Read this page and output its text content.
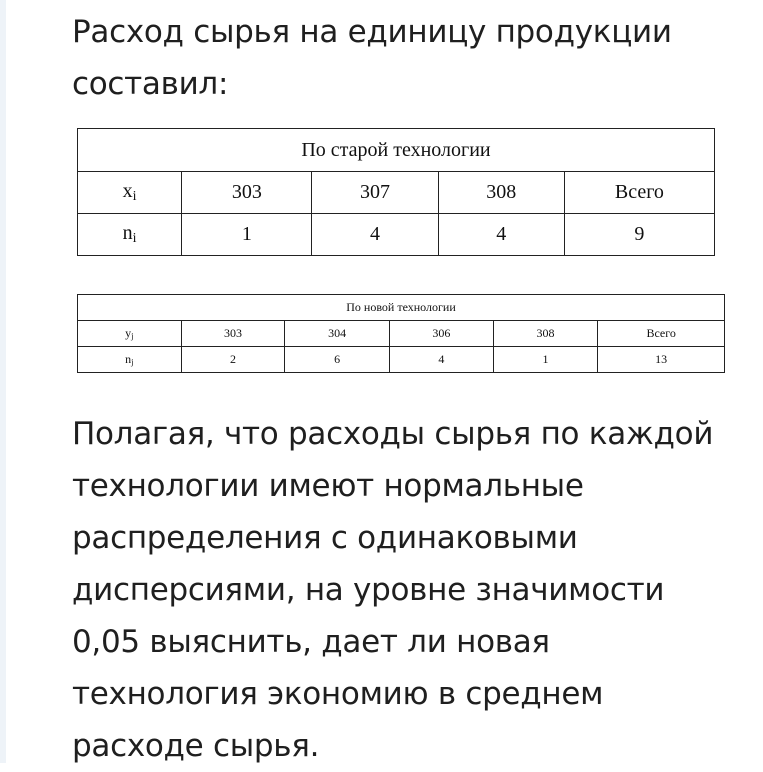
Расход сырья на единицу продукции
составил:

По старой технологии				
xi	303	307	308	Всего
ni	1	4	4	9
По новой технологии					
yj	303	304	306	308	Всего
nj	2	6	4	1	13

Полагая, что расходы сырья по каждой
технологии имеют нормальные
распределения с одинаковыми
дисперсиями, на уровне значимости
0,05 выяснить, дает ли новая
технология экономию в среднем
расходе сырья.
